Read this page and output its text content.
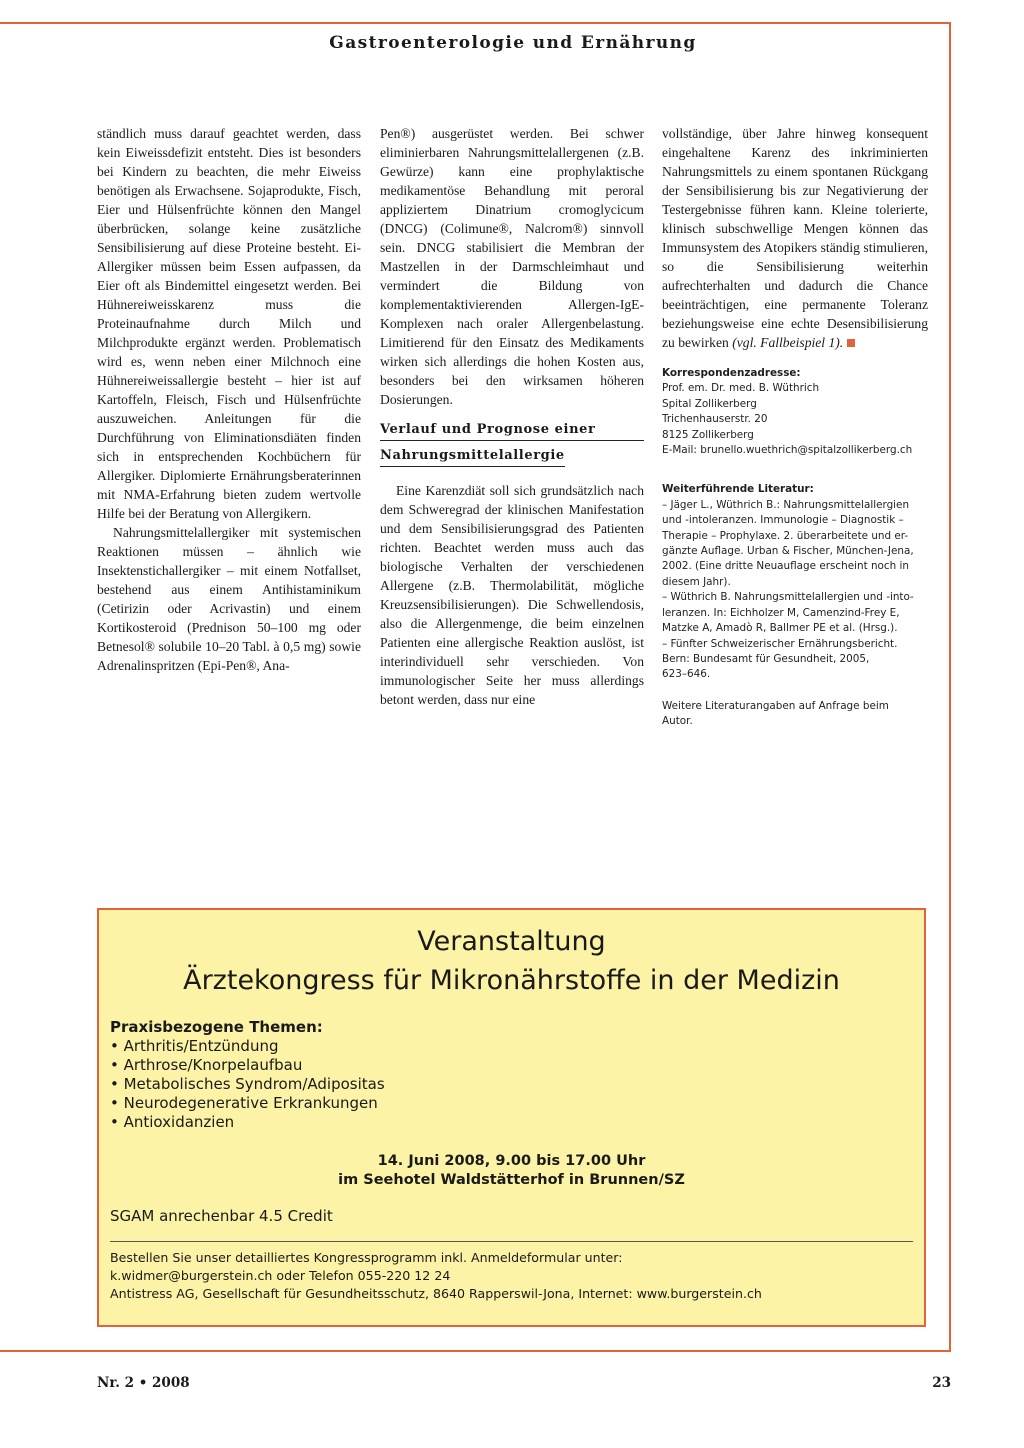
Gastroenterologie und Ernährung

ständlich muss darauf geachtet werden, dass kein Eiweissdefizit entsteht. Dies ist besonders bei Kindern zu beachten, die mehr Eiweiss benötigen als Erwachsene. Sojaprodukte, Fisch, Eier und Hülsenfrüchte können den Mangel überbrücken, solange keine zusätzliche Sensibilisierung auf diese Proteine besteht. Ei-Allergiker müssen beim Essen aufpassen, da Eier oft als Bindemittel eingesetzt werden. Bei Hühnereiweisskarenz muss die Proteinaufnahme durch Milch und Milchprodukte ergänzt werden. Problematisch wird es, wenn neben einer Milchnoch eine Hühnereiweissallergie besteht – hier ist auf Kartoffeln, Fleisch, Fisch und Hülsenfrüchte auszuweichen. Anleitungen für die Durchführung von Eliminationsdiäten finden sich in entsprechenden Kochbüchern für Allergiker. Diplomierte Ernährungsberaterinnen mit NMA-Erfahrung bieten zudem wertvolle Hilfe bei der Beratung von Allergikern.

Nahrungsmittelallergiker mit systemischen Reaktionen müssen – ähnlich wie Insektenstichallergiker – mit einem Notfallset, bestehend aus einem Antihistaminikum (Cetirizin oder Acrivastin) und einem Kortikosteroid (Prednison 50–100 mg oder Betnesol® solubile 10–20 Tabl. à 0,5 mg) sowie Adrenalinspritzen (Epi-Pen®, Ana-

Pen®) ausgerüstet werden. Bei schwer eliminierbaren Nahrungsmittelallergenen (z.B. Gewürze) kann eine prophylaktische medikamentöse Behandlung mit peroral appliziertem Dinatrium cromoglycicum (DNCG) (Colimune®, Nalcrom®) sinnvoll sein. DNCG stabilisiert die Membran der Mastzellen in der Darmschleimhaut und vermindert die Bildung von komplementaktivierenden Allergen-IgE-Komplexen nach oraler Allergenbelastung. Limitierend für den Einsatz des Medikaments wirken sich allerdings die hohen Kosten aus, besonders bei den wirksamen höheren Dosierungen.

Verlauf und Prognose einer
Nahrungsmittelallergie

Eine Karenzdiät soll sich grundsätzlich nach dem Schweregrad der klinischen Manifestation und dem Sensibilisierungsgrad des Patienten richten. Beachtet werden muss auch das biologische Verhalten der verschiedenen Allergene (z.B. Thermolabilität, mögliche Kreuzsensibilisierungen). Die Schwellendosis, also die Allergenmenge, die beim einzelnen Patienten eine allergische Reaktion auslöst, ist interindividuell sehr verschieden. Von immunologischer Seite her muss allerdings betont werden, dass nur eine

vollständige, über Jahre hinweg konsequent eingehaltene Karenz des inkriminierten Nahrungsmittels zu einem spontanen Rückgang der Sensibilisierung bis zur Negativierung der Testergebnisse führen kann. Kleine tolerierte, klinisch subschwellige Mengen können das Immunsystem des Atopikers ständig stimulieren, so die Sensibilisierung weiterhin aufrechterhalten und dadurch die Chance beeinträchtigen, eine permanente Toleranz beziehungsweise eine echte Desensibilisierung zu bewirken (vgl. Fallbeispiel 1).

Korrespondenzadresse:
Prof. em. Dr. med. B. Wüthrich
Spital Zollikerberg
Trichenhauserstr. 20
8125 Zollikerberg
E-Mail: brunello.wuethrich@spitalzollikerberg.ch
Weiterführende Literatur:
– Jäger L., Wüthrich B.: Nahrungsmittelallergien
und -intoleranzen. Immunologie – Diagnostik –
Therapie – Prophylaxe. 2. überarbeitete und er-
gänzte Auflage. Urban & Fischer, München-Jena,
2002. (Eine dritte Neuauflage erscheint noch in
diesem Jahr).
– Wüthrich B. Nahrungsmittelallergien und -into-
leranzen. In: Eichholzer M, Camenzind-Frey E,
Matzke A, Amadò R, Ballmer PE et al. (Hrsg.).
– Fünfter Schweizerischer Ernährungsbericht.
Bern: Bundesamt für Gesundheit, 2005,
623–646.
Weitere Literaturangaben auf Anfrage beim
Autor.
Veranstaltung
Ärztekongress für Mikronährstoffe in der Medizin
Praxisbezogene Themen:
• Arthritis/Entzündung
• Arthrose/Knorpelaufbau
• Metabolisches Syndrom/Adipositas
• Neurodegenerative Erkrankungen
• Antioxidanzien
14. Juni 2008, 9.00 bis 17.00 Uhr
im Seehotel Waldstätterhof in Brunnen/SZ
SGAM anrechenbar 4.5 Credit
Bestellen Sie unser detailliertes Kongressprogramm inkl. Anmeldeformular unter:
k.widmer@burgerstein.ch oder Telefon 055-220 12 24
Antistress AG, Gesellschaft für Gesundheitsschutz, 8640 Rapperswil-Jona, Internet: www.burgerstein.ch
Nr. 2 • 2008	23
